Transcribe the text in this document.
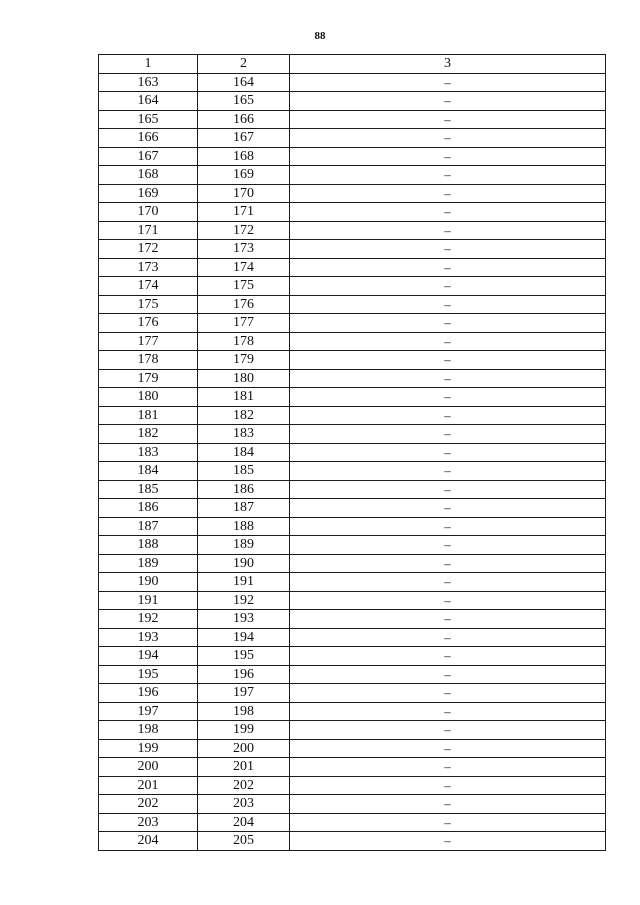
88
1	2	3
163	164	–
164	165	–
165	166	–
166	167	–
167	168	–
168	169	–
169	170	–
170	171	–
171	172	–
172	173	–
173	174	–
174	175	–
175	176	–
176	177	–
177	178	–
178	179	–
179	180	–
180	181	–
181	182	–
182	183	–
183	184	–
184	185	–
185	186	–
186	187	–
187	188	–
188	189	–
189	190	–
190	191	–
191	192	–
192	193	–
193	194	–
194	195	–
195	196	–
196	197	–
197	198	–
198	199	–
199	200	–
200	201	–
201	202	–
202	203	–
203	204	–
204	205	–
